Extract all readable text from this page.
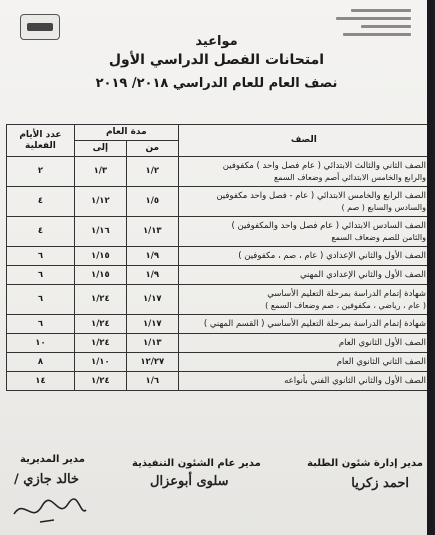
مواعيد
امتحانات الفصل الدراسي الأول
نصف العام للعام الدراسي ٢٠١٨/ ٢٠١٩
الصف	مدة العام		عدد الأيام الفعلية
	من	إلى	

الصف الثاني والثالث الابتدائي ( عام فصل واحد ) مكفوفين
والرابع والخامس الابتدائي أصم وضعاف السمع	١/٢	١/٣	٢

الصف الرابع والخامس الابتدائي ( عام - فصل واحد مكفوفين
والسادس والسابع ( صم )	١/٥	١/١٢	٤

الصف السادس الابتدائي ( عام فصل واحد والمكفوفين )
والثامن للصم وضعاف السمع	١/١٣	١/١٦	٤

الصف الأول والثاني الإعدادي ( عام ، صم ، مكفوفين )	١/٩	١/١٥	٦

الصف الأول والثاني الإعدادي المهني	١/٩	١/١٥	٦

شهادة إتمام الدراسة بمرحلة التعليم الأساسي
( عام ، رياضي ، مكفوفين ، صم وضعاف السمع )	١/١٧	١/٢٤	٦

شهادة إتمام الدراسة بمرحلة التعليم الأساسي ( القسم المهني )	١/١٧	١/٢٤	٦

الصف الأول الثانوي العام	١/١٣	١/٢٤	١٠

الصف الثاني الثانوي العام	١٢/٢٧	١/١٠	٨

الصف الأول والثاني الثانوي الفني بأنواعه	١/٦	١/٢٤	١٤
مدير إدارة شئون الطلبة
احمد زكريا
مدير عام الشئون التنفيذية
سلوى أبوعزال
مدير المديرية
/ خالد جازي
